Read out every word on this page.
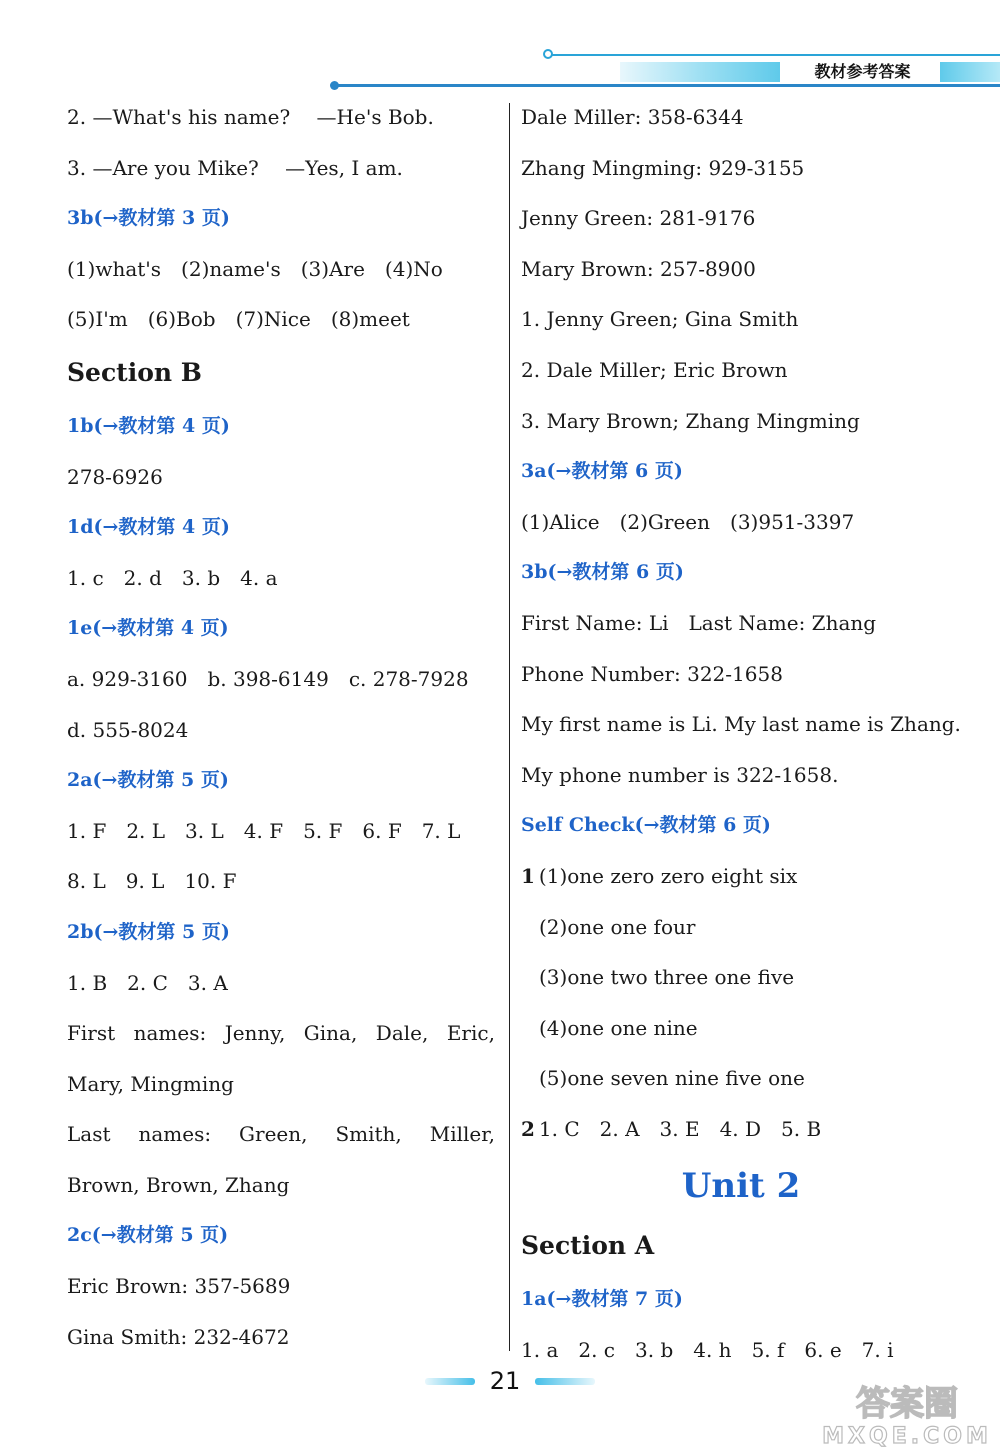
教材参考答案
2. —What's his name?　 —He's Bob.
3. —Are you Mike?　 —Yes, I am.
3b(→教材第 3 页)
(1)what's　(2)name's　(3)Are　(4)No
(5)I'm　(6)Bob　(7)Nice　(8)meet
Section B
1b(→教材第 4 页)
278-6926
1d(→教材第 4 页)
1. c　2. d　3. b　4. a
1e(→教材第 4 页)
a. 929-3160　b. 398-6149　c. 278-7928
d. 555-8024
2a(→教材第 5 页)
1. F　2. L　3. L　4. F　5. F　6. F　7. L
8. L　9. L　10. F
2b(→教材第 5 页)
1. B　2. C　3. A
First names: Jenny, Gina, Dale, Eric,
Mary, Mingming
Last names: Green, Smith, Miller,
Brown, Brown, Zhang
2c(→教材第 5 页)
Eric Brown: 357-5689
Gina Smith: 232-4672
Dale Miller: 358-6344
Zhang Mingming: 929-3155
Jenny Green: 281-9176
Mary Brown: 257-8900
1. Jenny Green; Gina Smith
2. Dale Miller; Eric Brown
3. Mary Brown; Zhang Mingming
3a(→教材第 6 页)
(1)Alice　(2)Green　(3)951-3397
3b(→教材第 6 页)
First Name: Li　Last Name: Zhang
Phone Number: 322-1658
My first name is Li. My last name is Zhang.
My phone number is 322-1658.
Self Check(→教材第 6 页)
1 (1)one zero zero eight six
(2)one one four
(3)one two three one five
(4)one one nine
(5)one seven nine five one
2 1. C　2. A　3. E　4. D　5. B
Unit 2
Section A
1a(→教材第 7 页)
1. a　2. c　3. b　4. h　5. f　6. e　7. i
21
答案圈
MXQE.COM
